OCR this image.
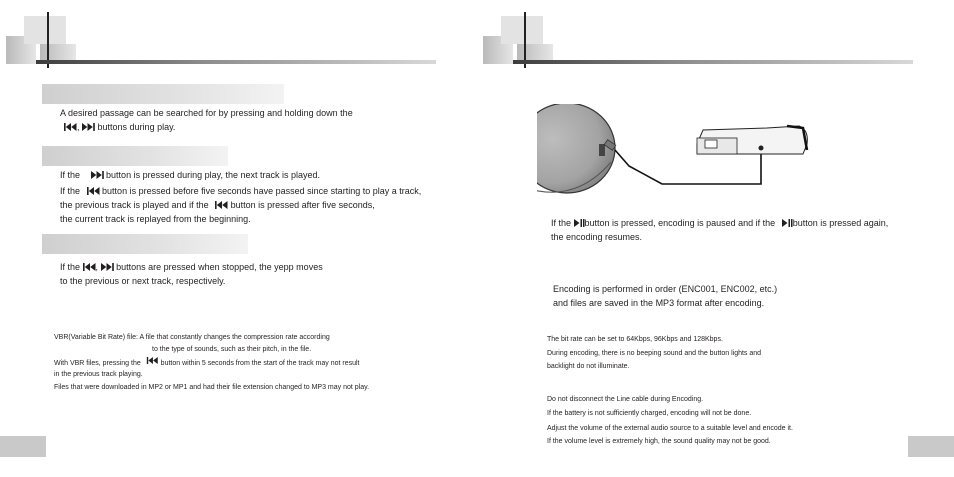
A desired passage can be searched for by pressing and holding down the
,  buttons during play.
If the	button is pressed during play, the next track is played.
If the button is pressed before five seconds have passed since starting to play a track,
the previous track is played and if the button is pressed after five seconds,
the current track is replayed from the beginning.
If the ,  buttons are pressed when stopped, the yepp moves
to the previous or next track, respectively.
VBR(Variable Bit Rate) file: A file that constantly changes the compression rate according
to the type of sounds, such as their pitch, in the file.
With VBR files, pressing the	button within 5 seconds from the start of the track may not result
in the previous track playing.
Files that were downloaded in MP2 or MP1 and had their file extension changed to MP3 may not play.
If the button is pressed, encoding is paused and if the button is pressed again,
the encoding resumes.
Encoding is performed in order (ENC001, ENC002, etc.)
and files are saved in the MP3 format after encoding.
The bit rate can be set to 64Kbps, 96Kbps and 128Kbps.
During encoding, there is no beeping sound and the button lights and
backlight do not illuminate.
Do not disconnect the Line cable during Encoding.
If the battery is not sufficiently charged, encoding will not be done.
Adjust the volume of the external audio source to a suitable level and encode it.
If the volume level is extremely high, the sound quality may not be good.
